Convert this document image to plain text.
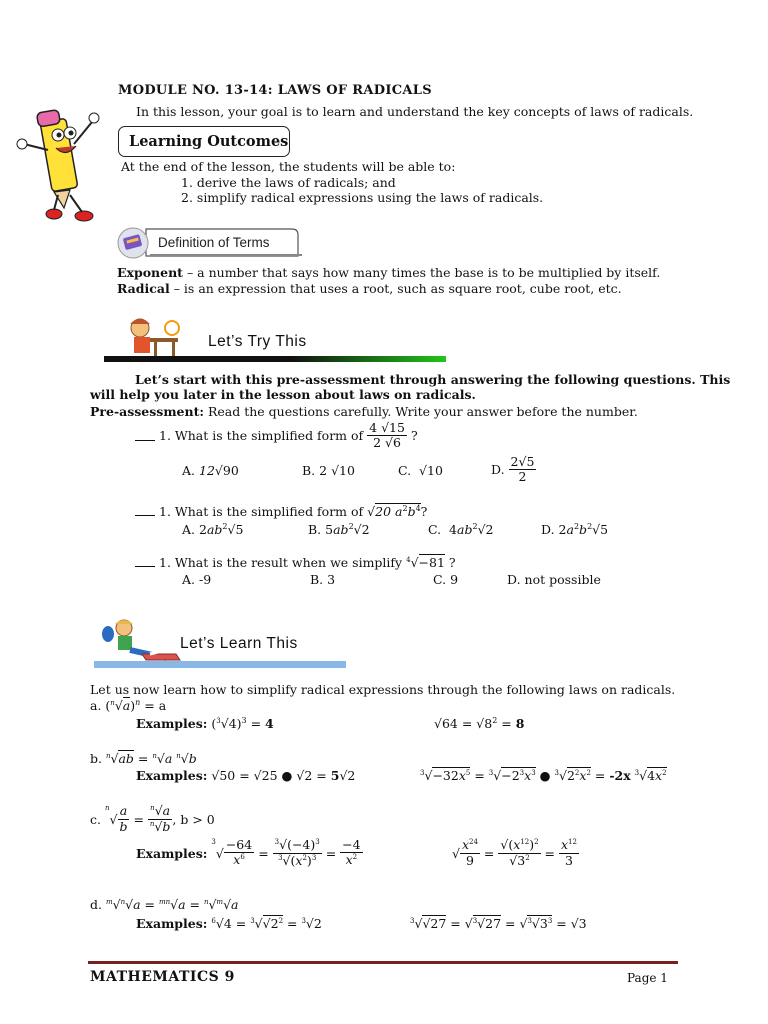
MODULE NO. 13-14: LAWS OF RADICALS
In this lesson, your goal is to learn and understand the key concepts of laws of radicals.
Learning Outcomes
At the end of the lesson, the students will be able to:
1. derive the laws of radicals; and
2. simplify radical expressions using the laws of radicals.
Definition of Terms
Exponent – a number that says how many times the base is to be multiplied by itself.
Radical – is an expression that uses a root, such as square root, cube root, etc.
Let’s Try This
Let’s start with this pre-assessment through answering the following questions. This
will help you later in the lesson about laws on radicals.
Pre-assessment: Read the questions carefully. Write your answer before the number.
1. What is the simplified form of
$\frac{4 √15}{2 √6}$ ?
A. 12√90	B. 2 √10	C.  √10	D.
$\frac{2√5}{2}$
1. What is the simplified form of √20 $a^2b^4$?
A. $2ab^2√5$	B. $5ab^2√2$	C.  $4ab^2√2$	D. $2a^2b^2√5$
1. What is the result when we simplify $^4$√−81 ?
A. -9	B. 3	C. 9	D. not possible
Let’s Learn This
Let us now learn how to simplify radical expressions through the following laws on radicals.
a. $(^n√a)^n = a$
Examples: $(^3√4)^3 = 4$	$√64 = √8^2 = 8$
b. $^n$√ab = $^n$√a $^n$√b
Examples: √50 = √25 ● √2 = 5√2	$^3√-32x^5 = ^3√-2^3x^3$ ● $^3√2^2x^2 = -2x$ $^3√4x^2$
c.

$^n$
√ $\frac{a}{b} = \frac{^n√a}{^n√b}$ , b > 0
Examples:

$^3$
√ $\frac{-64}{x^6} = \frac{^3√(-4)^3}{^3√(x^2)^3} = \frac{-4}{x^2}$	√ $\frac{x^{24}}{9} = \frac{√(x^{12})^2}{√3^2} = \frac{x^{12}}{3}$
d. $^m$√$^n$√a = $^{mn}$√a = $^n$√$^m$√a
Examples: $^6√4 = ^3√√2^2 = ^3√2$	$^3√√27 = √^3√27 = √^3√3^3 = √3$
MATHEMATICS 9	Page 1
